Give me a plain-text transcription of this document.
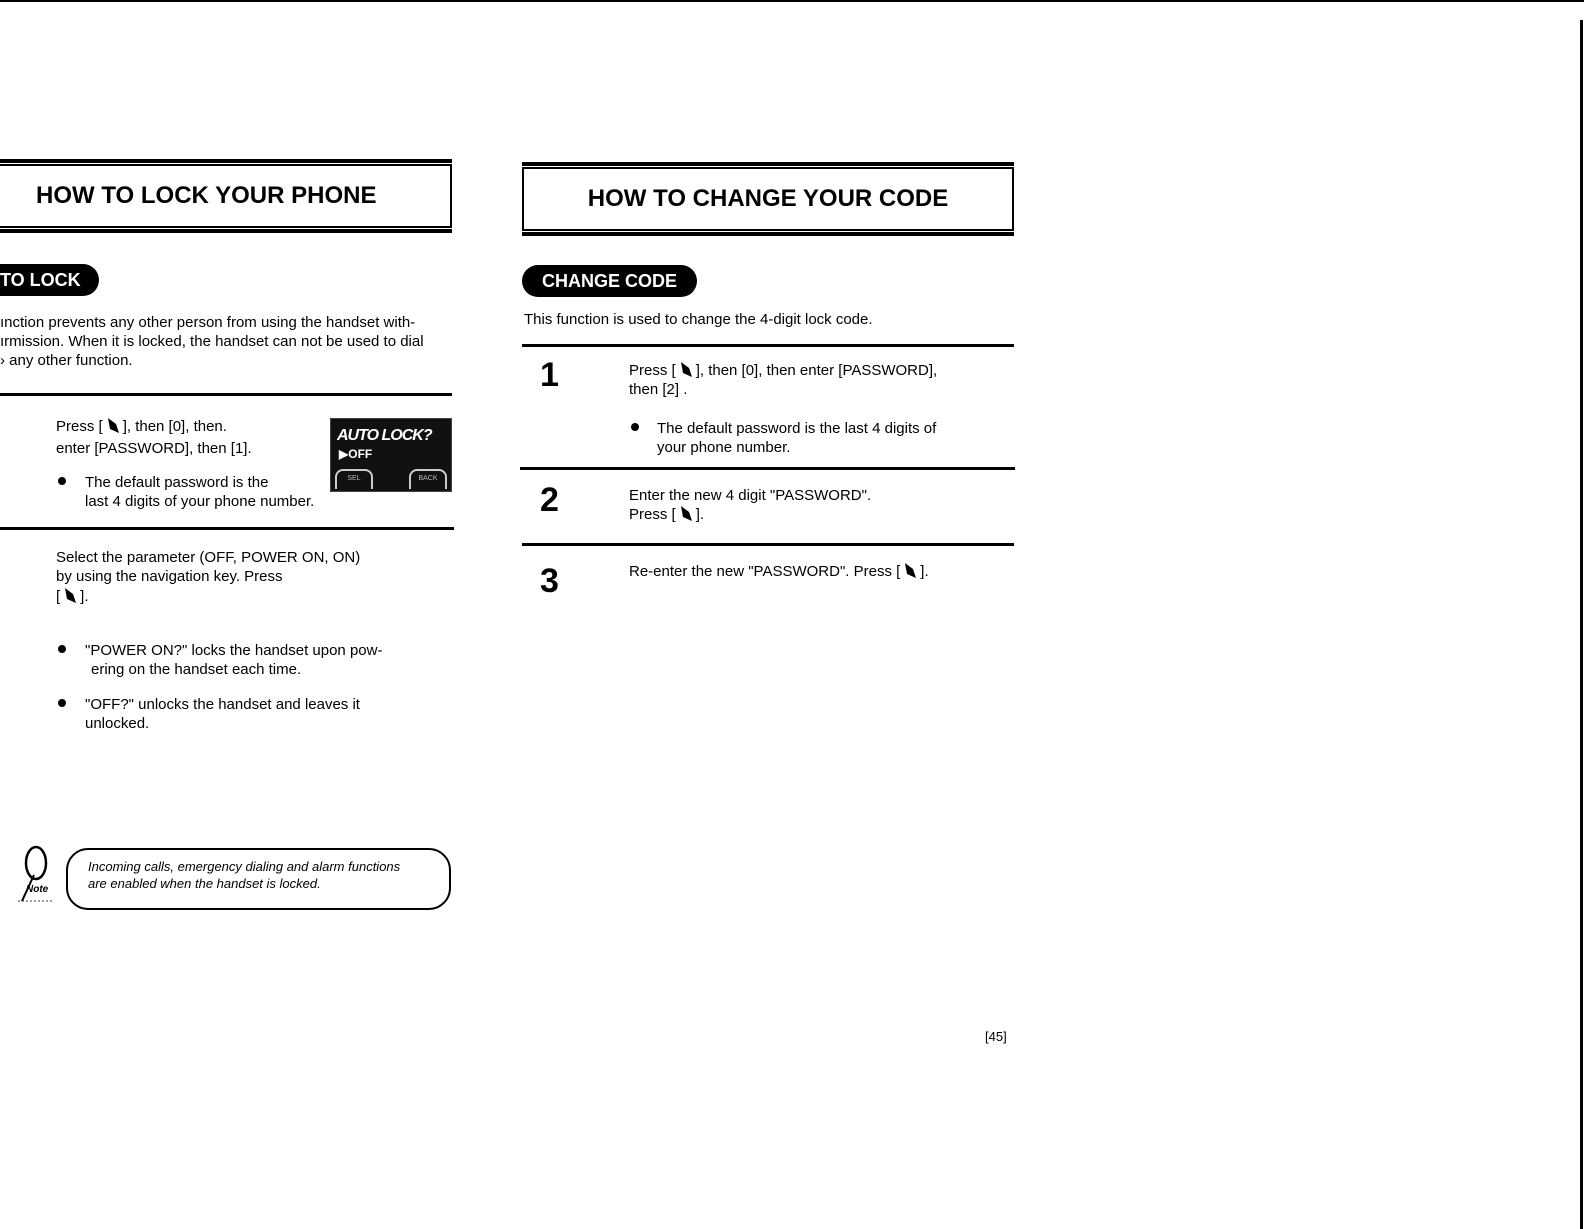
HOW TO LOCK YOUR PHONE
TO LOCK
ınction prevents any other person from using the handset with-
ırmission. When it is locked, the handset can not be used to dial
› any other function.
Press [ ], then [0], then.
enter [PASSWORD], then [1].
The default password is the
last 4 digits of your phone number.
AUTO LOCK?
▶OFF
SEL	BACK
Select the parameter (OFF, POWER ON, ON)
by using the navigation key. Press
[ ].
"POWER ON?" locks the handset upon pow-
ering on the handset each time.
"OFF?" unlocks the handset and leaves it
unlocked.
Note
Incoming calls, emergency dialing and alarm functions
are enabled when the handset is locked.
HOW TO CHANGE YOUR CODE
CHANGE CODE
This function is used to change the 4-digit lock code.
1	Press [ ], then [0], then enter [PASSWORD],
then [2] .
The default password is the last 4 digits of
your phone number.
2	Enter the new 4 digit "PASSWORD".
Press [ ].
3	Re-enter the new "PASSWORD". Press [ ].
[45]
